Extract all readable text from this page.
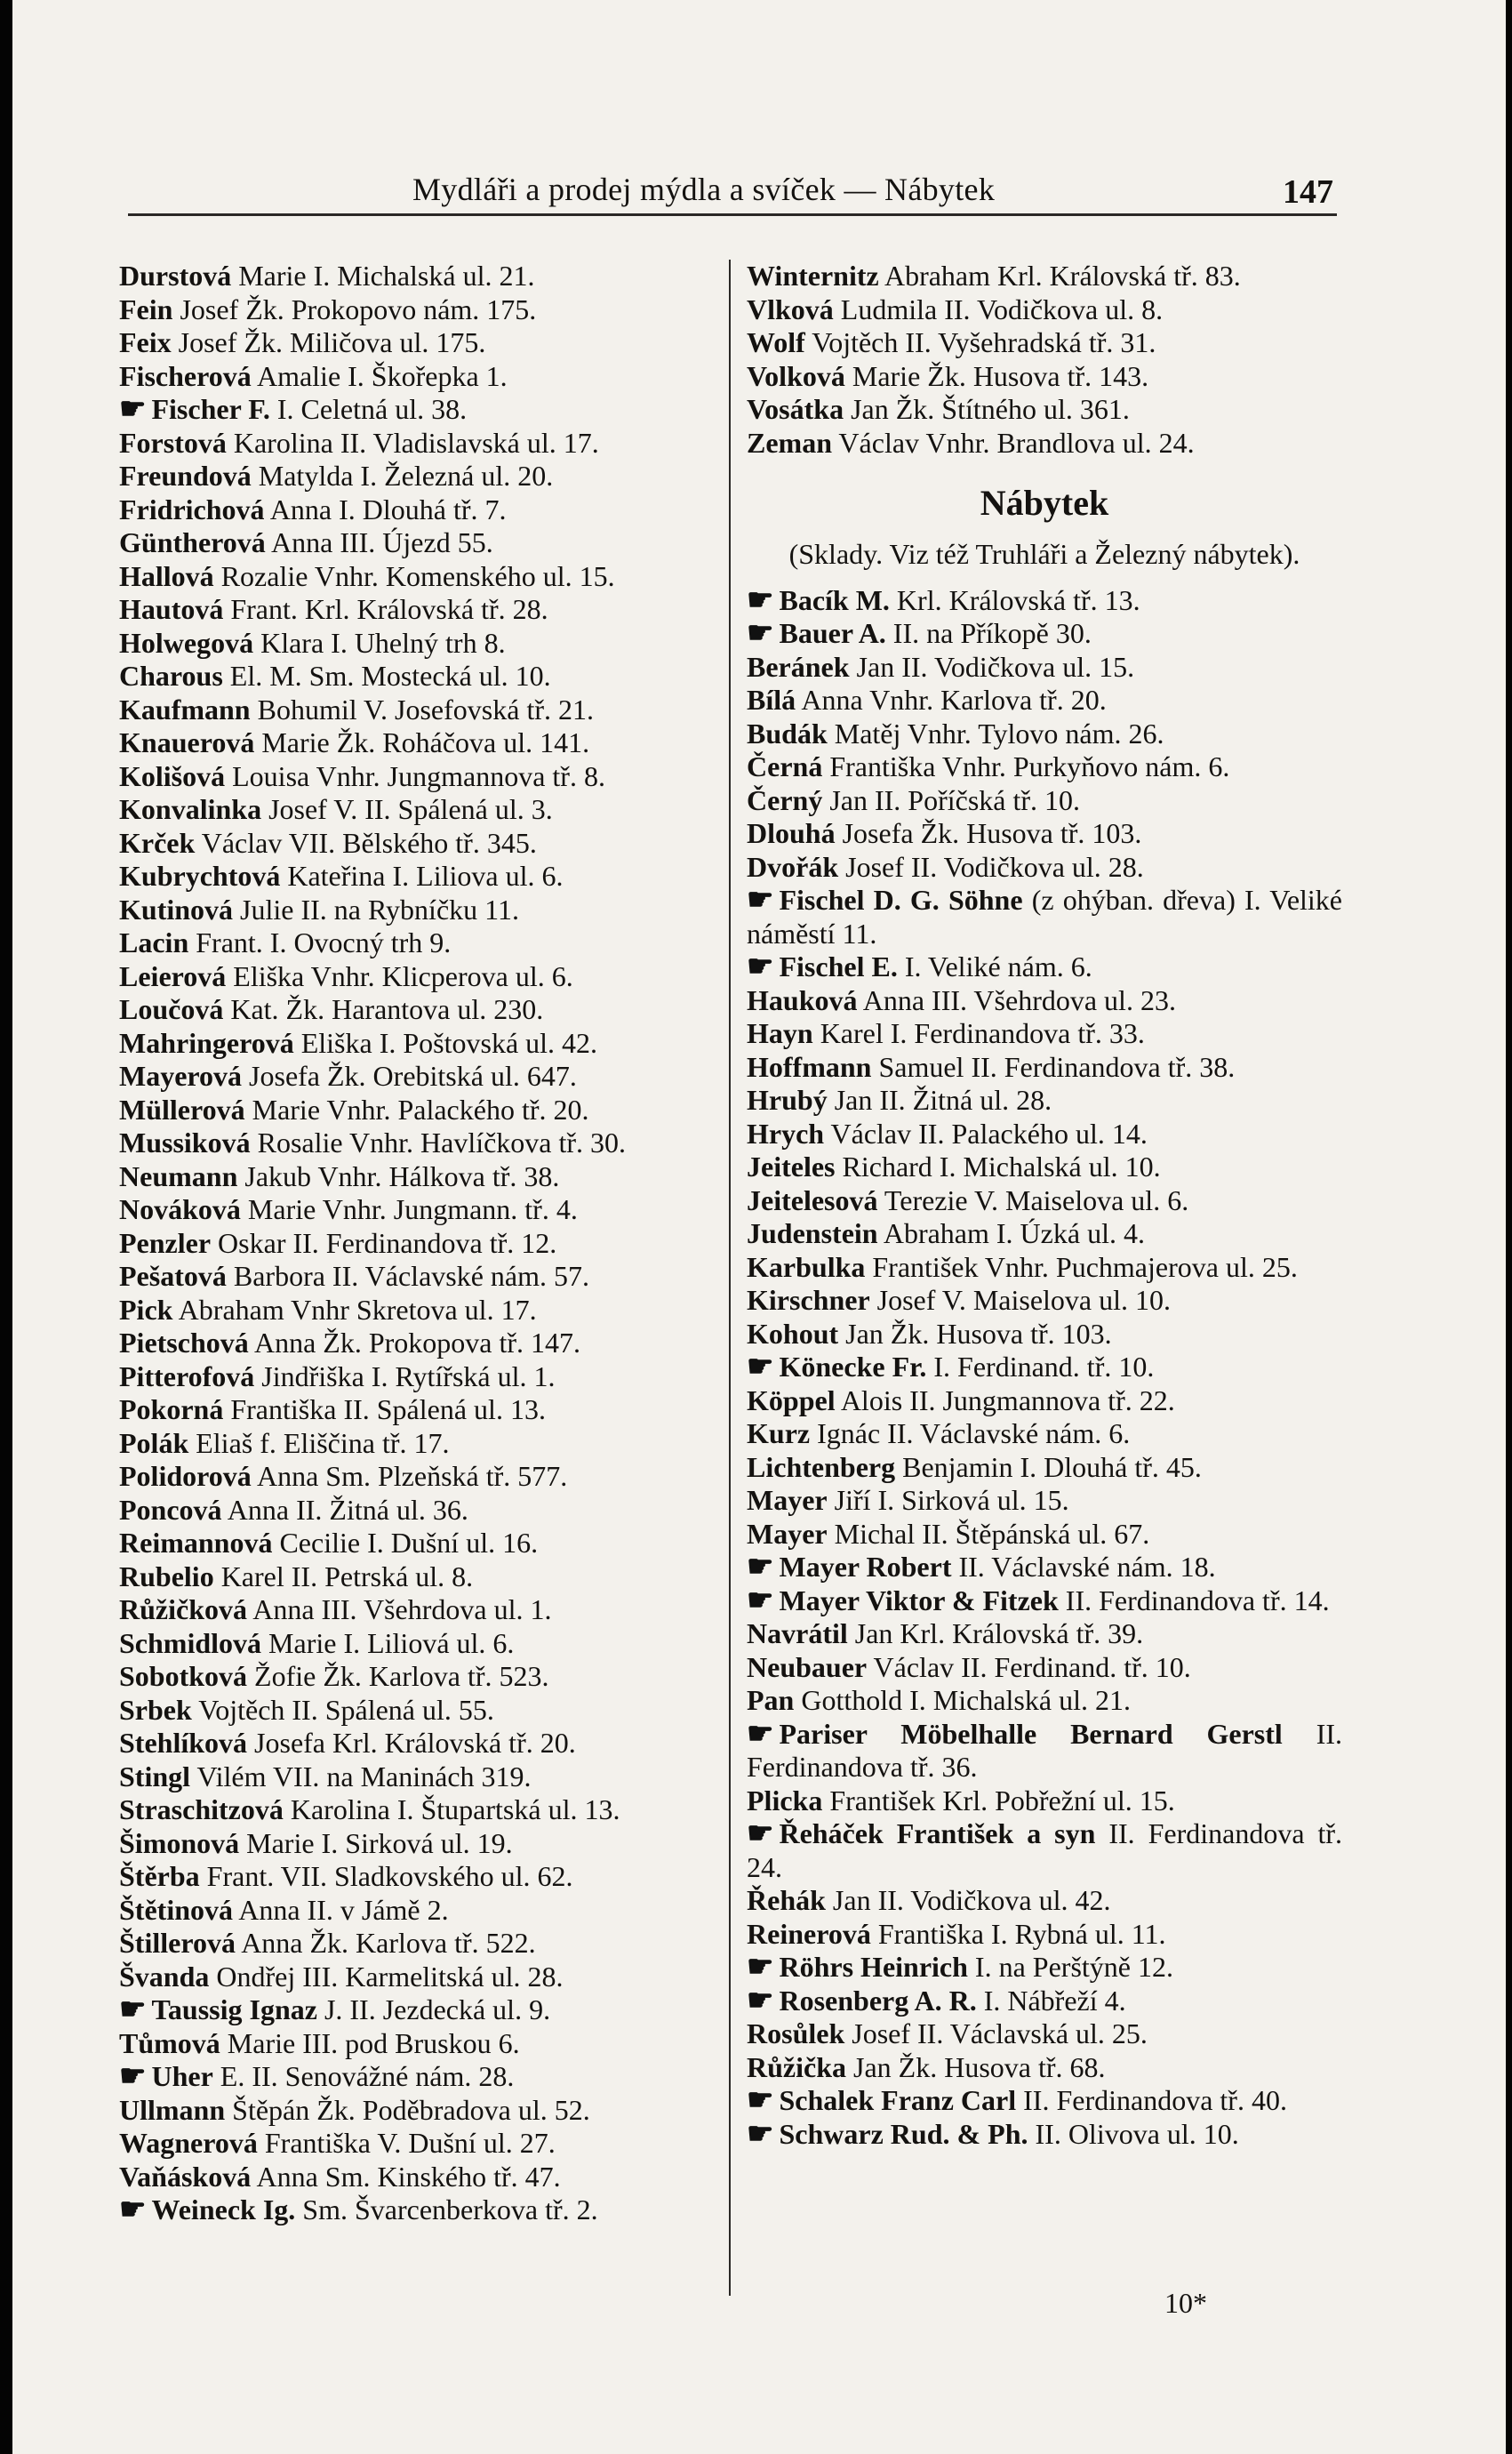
Mydláři a prodej mýdla a svíček — Nábytek	147
Durstová Marie I. Michalská ul. 21.
Fein Josef Žk. Prokopovo nám. 175.
Feix Josef Žk. Miličova ul. 175.
Fischerová Amalie I. Škořepka 1.
☛ Fischer F. I. Celetná ul. 38.
Forstová Karolina II. Vladislavská ul. 17.
Freundová Matylda I. Železná ul. 20.
Fridrichová Anna I. Dlouhá tř. 7.
Güntherová Anna III. Újezd 55.
Hallová Rozalie Vnhr. Komenského ul. 15.
Hautová Frant. Krl. Královská tř. 28.
Holwegová Klara I. Uhelný trh 8.
Charous El. M. Sm. Mostecká ul. 10.
Kaufmann Bohumil V. Josefovská tř. 21.
Knauerová Marie Žk. Roháčova ul. 141.
Kolišová Louisa Vnhr. Jungmannova tř. 8.
Konvalinka Josef V. II. Spálená ul. 3.
Krček Václav VII. Bělského tř. 345.
Kubrychtová Kateřina I. Liliova ul. 6.
Kutinová Julie II. na Rybníčku 11.
Lacin Frant. I. Ovocný trh 9.
Leierová Eliška Vnhr. Klicperova ul. 6.
Loučová Kat. Žk. Harantova ul. 230.
Mahringerová Eliška I. Poštovská ul. 42.
Mayerová Josefa Žk. Orebitská ul. 647.
Müllerová Marie Vnhr. Palackého tř. 20.
Mussiková Rosalie Vnhr. Havlíčkova tř. 30.
Neumann Jakub Vnhr. Hálkova tř. 38.
Nováková Marie Vnhr. Jungmann. tř. 4.
Penzler Oskar II. Ferdinandova tř. 12.
Pešatová Barbora II. Václavské nám. 57.
Pick Abraham Vnhr Skretova ul. 17.
Pietschová Anna Žk. Prokopova tř. 147.
Pitterofová Jindřiška I. Rytířská ul. 1.
Pokorná Františka II. Spálená ul. 13.
Polák Eliaš f. Eliščina tř. 17.
Polidorová Anna Sm. Plzeňská tř. 577.
Poncová Anna II. Žitná ul. 36.
Reimannová Cecilie I. Dušní ul. 16.
Rubelio Karel II. Petrská ul. 8.
Růžičková Anna III. Všehrdova ul. 1.
Schmidlová Marie I. Liliová ul. 6.
Sobotková Žofie Žk. Karlova tř. 523.
Srbek Vojtěch II. Spálená ul. 55.
Stehlíková Josefa Krl. Královská tř. 20.
Stingl Vilém VII. na Maninách 319.
Straschitzová Karolina I. Štupartská ul. 13.
Šimonová Marie I. Sirková ul. 19.
Štěrba Frant. VII. Sladkovského ul. 62.
Štětinová Anna II. v Jámě 2.
Štillerová Anna Žk. Karlova tř. 522.
Švanda Ondřej III. Karmelitská ul. 28.
☛ Taussig Ignaz J. II. Jezdecká ul. 9.
Tůmová Marie III. pod Bruskou 6.
☛ Uher E. II. Senovážné nám. 28.
Ullmann Štěpán Žk. Poděbradova ul. 52.
Wagnerová Františka V. Dušní ul. 27.
Vaňásková Anna Sm. Kinského tř. 47.
☛ Weineck Ig. Sm. Švarcenberkova tř. 2.
Winternitz Abraham Krl. Královská tř. 83.
Vlková Ludmila II. Vodičkova ul. 8.
Wolf Vojtěch II. Vyšehradská tř. 31.
Volková Marie Žk. Husova tř. 143.
Vosátka Jan Žk. Štítného ul. 361.
Zeman Václav Vnhr. Brandlova ul. 24.
Nábytek
(Sklady. Viz též Truhláři a Železný nábytek).
☛ Bacík M. Krl. Královská tř. 13.
☛ Bauer A. II. na Příkopě 30.
Beránek Jan II. Vodičkova ul. 15.
Bílá Anna Vnhr. Karlova tř. 20.
Budák Matěj Vnhr. Tylovo nám. 26.
Černá Františka Vnhr. Purkyňovo nám. 6.
Černý Jan II. Poříčská tř. 10.
Dlouhá Josefa Žk. Husova tř. 103.
Dvořák Josef II. Vodičkova ul. 28.
☛ Fischel D. G. Söhne (z ohýban. dřeva) I. Veliké náměstí 11.
☛ Fischel E. I. Veliké nám. 6.
Hauková Anna III. Všehrdova ul. 23.
Hayn Karel I. Ferdinandova tř. 33.
Hoffmann Samuel II. Ferdinandova tř. 38.
Hrubý Jan II. Žitná ul. 28.
Hrych Václav II. Palackého ul. 14.
Jeiteles Richard I. Michalská ul. 10.
Jeitelesová Terezie V. Maiselova ul. 6.
Judenstein Abraham I. Úzká ul. 4.
Karbulka František Vnhr. Puchmajerova ul. 25.
Kirschner Josef V. Maiselova ul. 10.
Kohout Jan Žk. Husova tř. 103.
☛ Könecke Fr. I. Ferdinand. tř. 10.
Köppel Alois II. Jungmannova tř. 22.
Kurz Ignác II. Václavské nám. 6.
Lichtenberg Benjamin I. Dlouhá tř. 45.
Mayer Jiří I. Sirková ul. 15.
Mayer Michal II. Štěpánská ul. 67.
☛ Mayer Robert II. Václavské nám. 18.
☛ Mayer Viktor & Fitzek II. Ferdinandova tř. 14.
Navrátil Jan Krl. Královská tř. 39.
Neubauer Václav II. Ferdinand. tř. 10.
Pan Gotthold I. Michalská ul. 21.
☛ Pariser Möbelhalle Bernard Gerstl II. Ferdinandova tř. 36.
Plicka František Krl. Pobřežní ul. 15.
☛ Řeháček František a syn II. Ferdinandova tř. 24.
Řehák Jan II. Vodičkova ul. 42.
Reinerová Františka I. Rybná ul. 11.
☛ Röhrs Heinrich I. na Perštýně 12.
☛ Rosenberg A. R. I. Nábřeží 4.
Rosůlek Josef II. Václavská ul. 25.
Růžička Jan Žk. Husova tř. 68.
☛ Schalek Franz Carl II. Ferdinandova tř. 40.
☛ Schwarz Rud. & Ph. II. Olivova ul. 10.
10*
